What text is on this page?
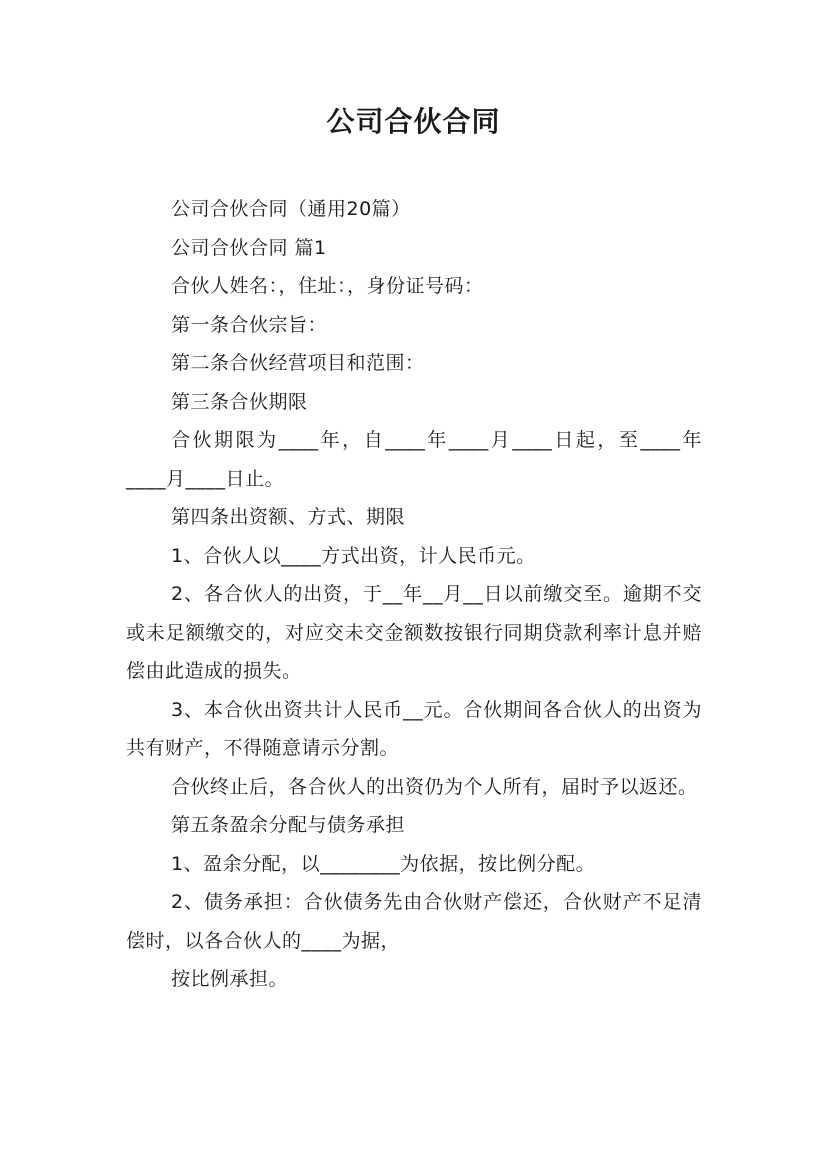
公司合伙合同

公司合伙合同（通用20篇）

公司合伙合同 篇1

合伙人姓名：，住址：，身份证号码：

第一条合伙宗旨：

第二条合伙经营项目和范围：

第三条合伙期限

合伙期限为____年，自____年____月____日起，至____年____月____日止。

第四条出资额、方式、期限

1、合伙人以____方式出资，计人民币元。

2、各合伙人的出资，于__年__月__日以前缴交至。逾期不交或未足额缴交的，对应交未交金额数按银行同期贷款利率计息并赔偿由此造成的损失。

3、本合伙出资共计人民币__元。合伙期间各合伙人的出资为共有财产，不得随意请示分割。

合伙终止后，各合伙人的出资仍为个人所有，届时予以返还。

第五条盈余分配与债务承担

1、盈余分配，以________为依据，按比例分配。

2、债务承担：合伙债务先由合伙财产偿还，合伙财产不足清偿时，以各合伙人的____为据，

按比例承担。
